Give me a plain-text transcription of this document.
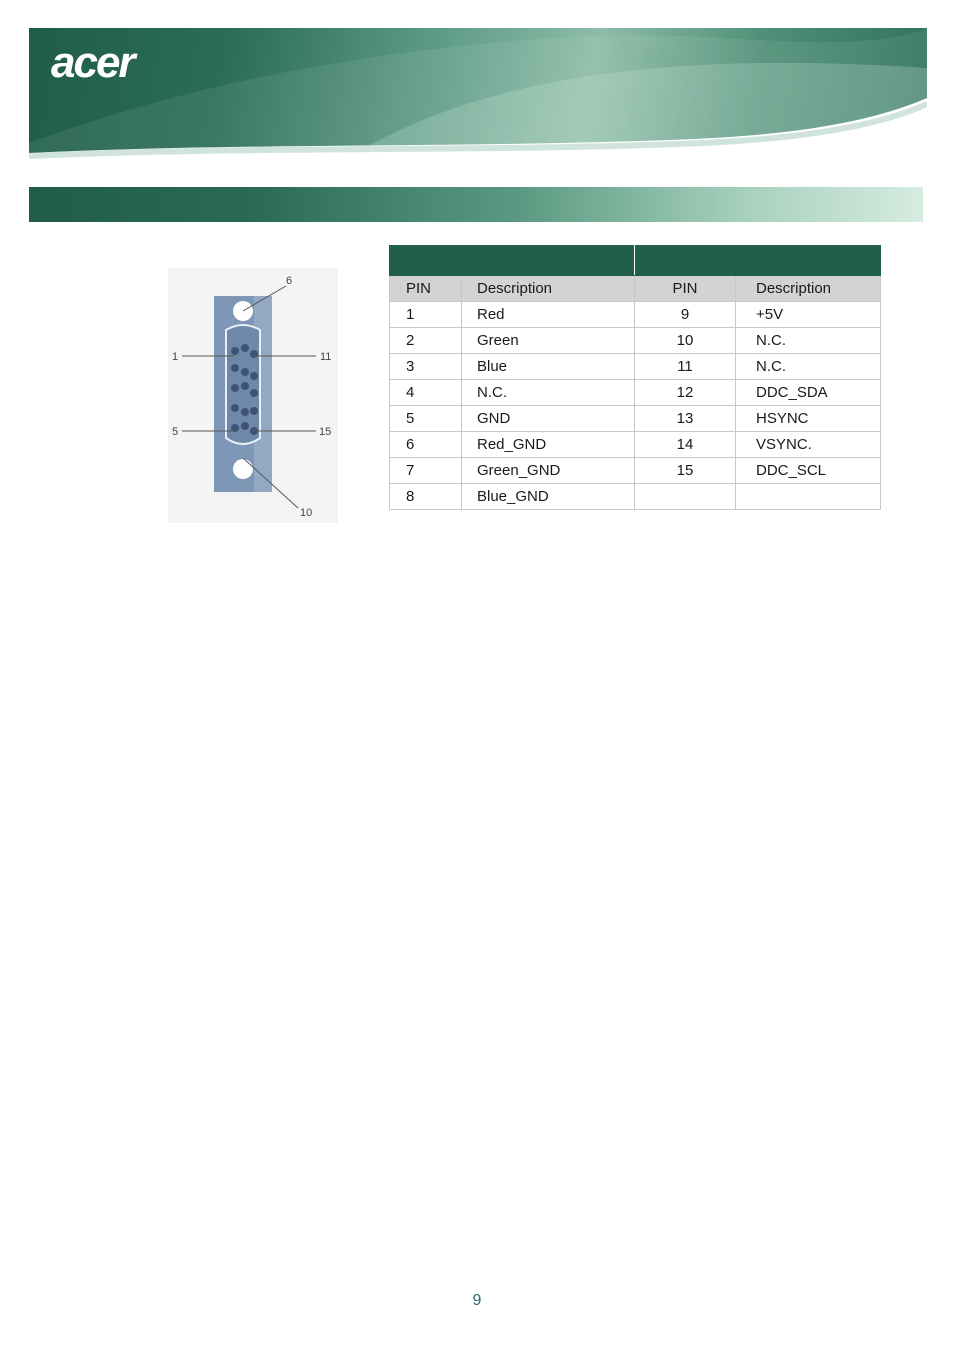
acer
6
1	11
5	15
10

PIN	Description	PIN	Description
1	Red	9	+5V
2	Green	10	N.C.
3	Blue	11	N.C.
4	N.C.	12	DDC_SDA
5	GND	13	HSYNC
6	Red_GND	14	VSYNC.
7	Green_GND	15	DDC_SCL
8	Blue_GND		
9
